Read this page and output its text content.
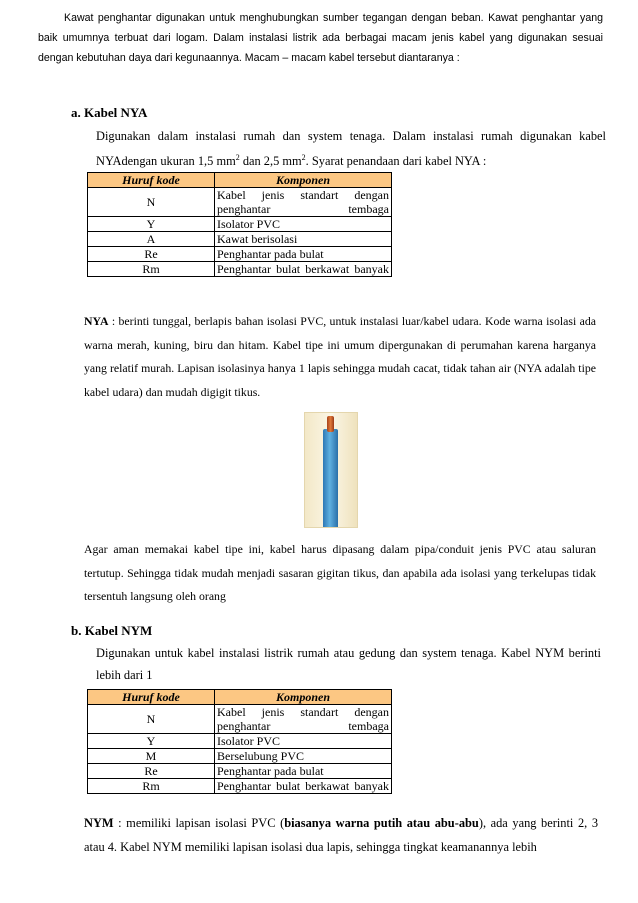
Kawat penghantar digunakan untuk menghubungkan sumber tegangan dengan beban. Kawat penghantar yang baik umumnya terbuat dari logam. Dalam instalasi listrik ada berbagai macam jenis kabel yang digunakan sesuai dengan kebutuhan daya dari kegunaannya. Macam – macam kabel tersebut diantaranya :

a. Kabel NYA

Digunakan dalam instalasi rumah dan system tenaga. Dalam instalasi rumah digunakan kabel NYAdengan ukuran 1,5 $mm^2$ dan 2,5 $mm^2$. Syarat penandaan dari kabel NYA :

Huruf kode	Komponen
N	Kabel jenis standart dengan penghantar tembaga
Y	Isolator PVC
A	Kawat berisolasi
Re	Penghantar pada bulat
Rm	Penghantar bulat berkawat banyak

NYA : berinti tunggal, berlapis bahan isolasi PVC, untuk instalasi luar/kabel udara. Kode warna isolasi ada warna merah, kuning, biru dan hitam. Kabel tipe ini umum dipergunakan di perumahan karena harganya yang relatif murah. Lapisan isolasinya hanya 1 lapis sehingga mudah cacat, tidak tahan air (NYA adalah tipe kabel udara) dan mudah digigit tikus.

Agar aman memakai kabel tipe ini, kabel harus dipasang dalam pipa/conduit jenis PVC atau saluran tertutup. Sehingga tidak mudah menjadi sasaran gigitan tikus, dan apabila ada isolasi yang terkelupas tidak tersentuh langsung oleh orang

b. Kabel NYM

Digunakan untuk kabel instalasi listrik rumah atau gedung dan system tenaga. Kabel NYM berinti lebih dari 1

Huruf kode	Komponen
N	Kabel jenis standart dengan penghantar tembaga
Y	Isolator PVC
M	Berselubung PVC
Re	Penghantar pada bulat
Rm	Penghantar bulat berkawat banyak

NYM : memiliki lapisan isolasi PVC (biasanya warna putih atau abu-abu), ada yang berinti 2, 3 atau 4. Kabel NYM memiliki lapisan isolasi dua lapis, sehingga tingkat keamanannya lebih
